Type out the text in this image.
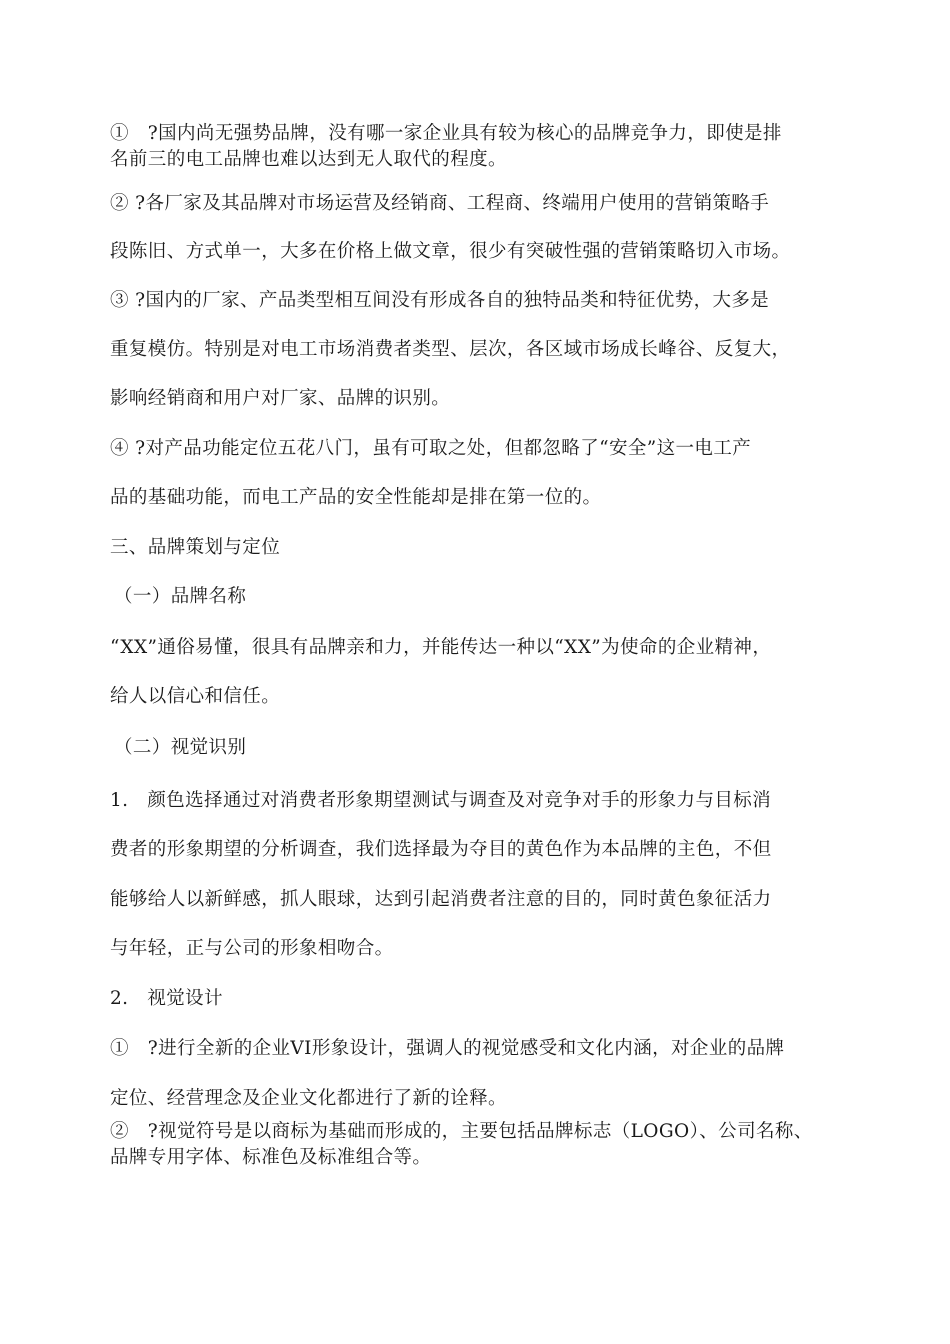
①　?国内尚无强势品牌，没有哪一家企业具有较为核心的品牌竞争力，即使是排
名前三的电工品牌也难以达到无人取代的程度。
② ?各厂家及其品牌对市场运营及经销商、工程商、终端用户使用的营销策略手
段陈旧、方式单一，大多在价格上做文章，很少有突破性强的营销策略切入市场。
③ ?国内的厂家、产品类型相互间没有形成各自的独特品类和特征优势，大多是
重复模仿。特别是对电工市场消费者类型、层次，各区域市场成长峰谷、反复大，
影响经销商和用户对厂家、品牌的识别。
④ ?对产品功能定位五花八门，虽有可取之处，但都忽略了“安全”这一电工产
品的基础功能，而电工产品的安全性能却是排在第一位的。
三、品牌策划与定位
（一）品牌名称
“XX”通俗易懂，很具有品牌亲和力，并能传达一种以“XX”为使命的企业精神，
给人以信心和信任。
（二）视觉识别
1.　颜色选择通过对消费者形象期望测试与调查及对竞争对手的形象力与目标消
费者的形象期望的分析调查，我们选择最为夺目的黄色作为本品牌的主色，不但
能够给人以新鲜感，抓人眼球，达到引起消费者注意的目的，同时黄色象征活力
与年轻，正与公司的形象相吻合。
2.　视觉设计
①　?进行全新的企业VI形象设计，强调人的视觉感受和文化内涵，对企业的品牌
定位、经营理念及企业文化都进行了新的诠释。
②　?视觉符号是以商标为基础而形成的，主要包括品牌标志（LOGO）、公司名称、
品牌专用字体、标准色及标准组合等。
